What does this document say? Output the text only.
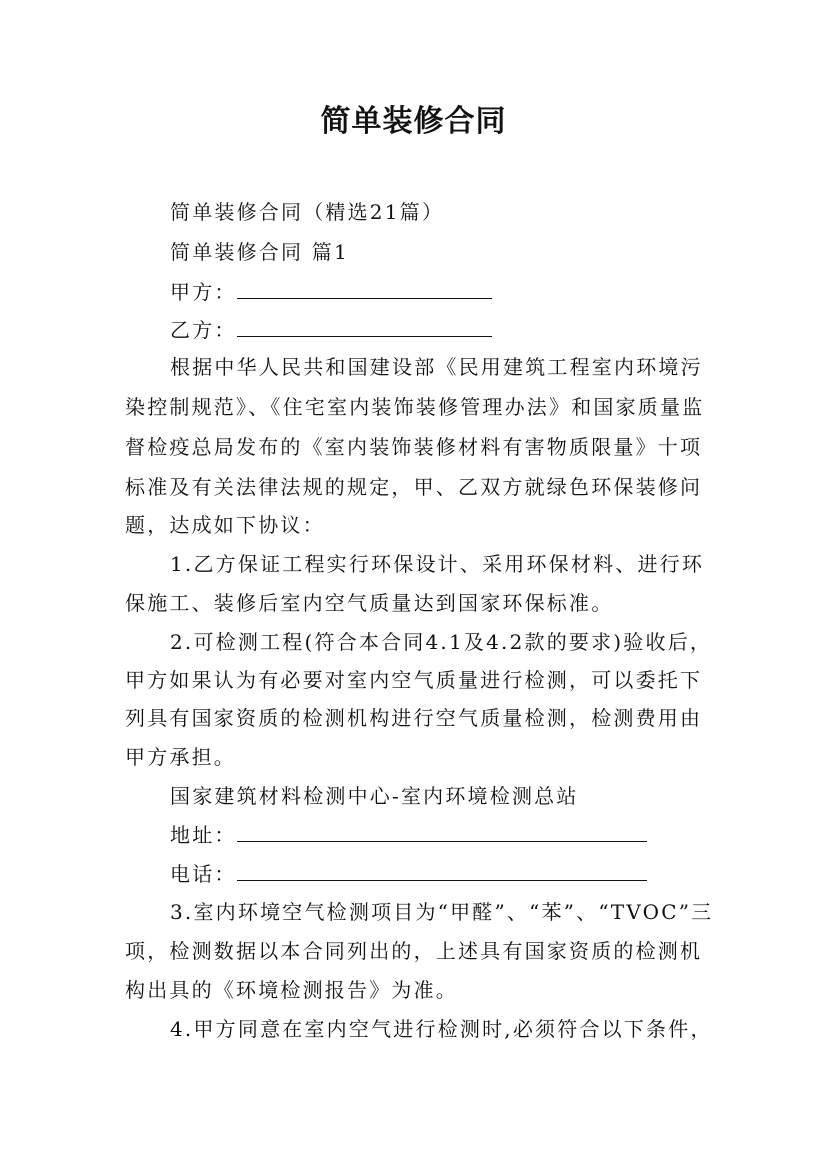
简单装修合同
简单装修合同（精选21篇）
简单装修合同 篇1
甲方：
乙方：
根据中华人民共和国建设部《民用建筑工程室内环境污
染控制规范》、《住宅室内装饰装修管理办法》和国家质量监
督检疫总局发布的《室内装饰装修材料有害物质限量》十项
标准及有关法律法规的规定，甲、乙双方就绿色环保装修问
题，达成如下协议：
1.乙方保证工程实行环保设计、采用环保材料、进行环
保施工、装修后室内空气质量达到国家环保标准。
2.可检测工程(符合本合同4.1及4.2款的要求)验收后，
甲方如果认为有必要对室内空气质量进行检测，可以委托下
列具有国家资质的检测机构进行空气质量检测，检测费用由
甲方承担。
国家建筑材料检测中心-室内环境检测总站
地址：
电话：
3.室内环境空气检测项目为“甲醛”、“苯”、“TVOC”三
项，检测数据以本合同列出的，上述具有国家资质的检测机
构出具的《环境检测报告》为准。
4.甲方同意在室内空气进行检测时,必须符合以下条件，
